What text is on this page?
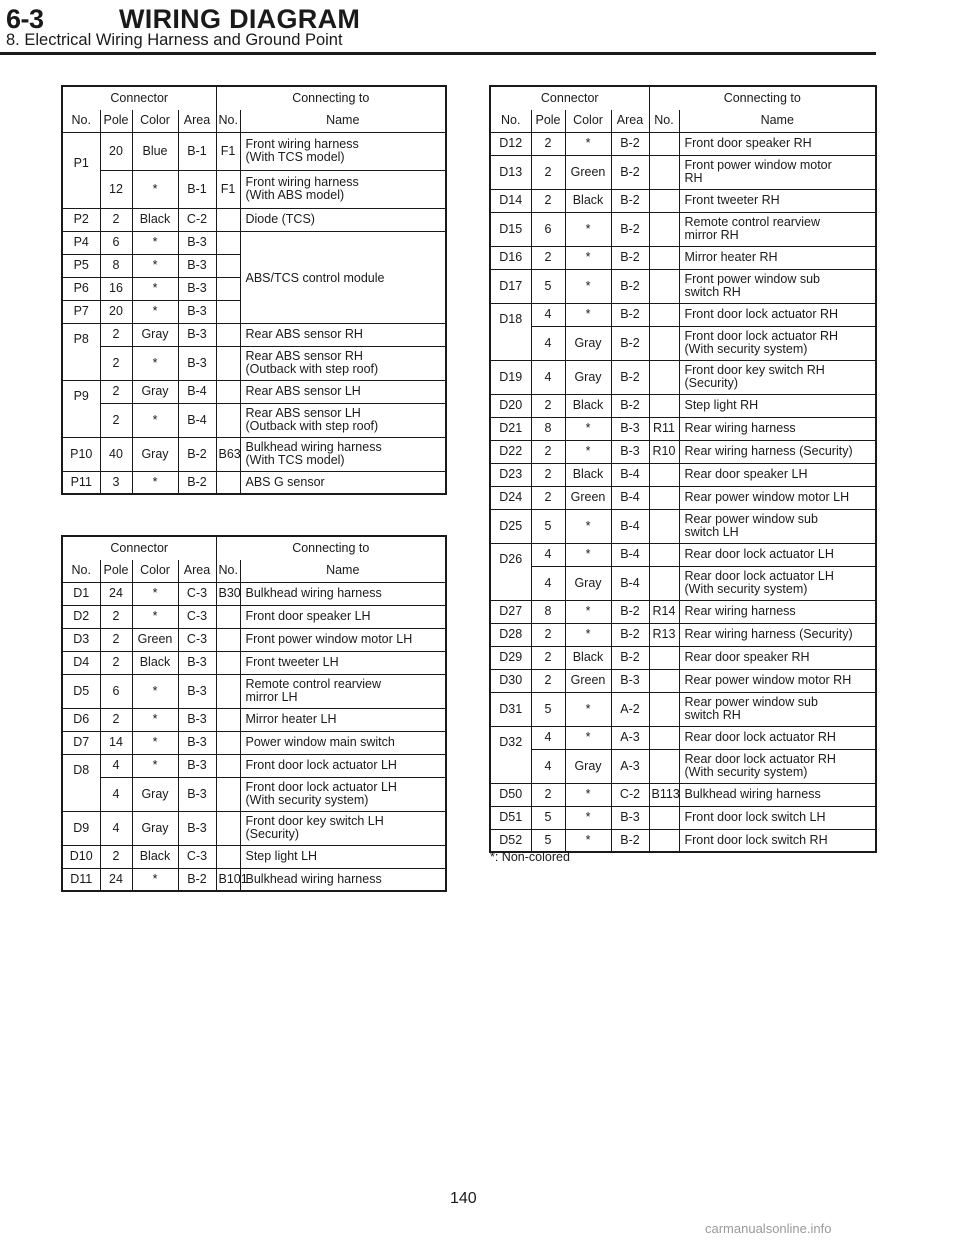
6-3	WIRING DIAGRAM
8. Electrical Wiring Harness and Ground Point
Connector				Connecting to	
No.	Pole	Color	Area	No.	Name
P1	20	Blue	B-1	F1	Front wiring harness
(With TCS model)

	12	*	B-1	F1	Front wiring harness
(With ABS model)

P2	2	Black	C-2		Diode (TCS)

P4	6	*	B-3		ABS/TCS control module

P5	8	*	B-3		

P6	16	*	B-3		

P7	20	*	B-3		

P8	2	Gray	B-3		Rear ABS sensor RH

	2	*	B-3		Rear ABS sensor RH
(Outback with step roof)

P9	2	Gray	B-4		Rear ABS sensor LH

	2	*	B-4		Rear ABS sensor LH
(Outback with step roof)

P10	40	Gray	B-2	B63	Bulkhead wiring harness
(With TCS model)

P11	3	*	B-2		ABS G sensor
Connector				Connecting to	
No.	Pole	Color	Area	No.	Name
D1	24	*	C-3	B30	Bulkhead wiring harness

D2	2	*	C-3		Front door speaker LH

D3	2	Green	C-3		Front power window motor LH

D4	2	Black	B-3		Front tweeter LH

D5	6	*	B-3		Remote control rearview
mirror LH

D6	2	*	B-3		Mirror heater LH

D7	14	*	B-3		Power window main switch

D8	4	*	B-3		Front door lock actuator LH

	4	Gray	B-3		Front door lock actuator LH
(With security system)

D9	4	Gray	B-3		Front door key switch LH
(Security)

D10	2	Black	C-3		Step light LH

D11	24	*	B-2	B101	Bulkhead wiring harness
Connector				Connecting to	
No.	Pole	Color	Area	No.	Name
D12	2	*	B-2		Front door speaker RH

D13	2	Green	B-2		Front power window motor
RH

D14	2	Black	B-2		Front tweeter RH

D15	6	*	B-2		Remote control rearview
mirror RH

D16	2	*	B-2		Mirror heater RH

D17	5	*	B-2		Front power window sub
switch RH

D18	4	*	B-2		Front door lock actuator RH

	4	Gray	B-2		Front door lock actuator RH
(With security system)

D19	4	Gray	B-2		Front door key switch RH
(Security)

D20	2	Black	B-2		Step light RH

D21	8	*	B-3	R11	Rear wiring harness

D22	2	*	B-3	R10	Rear wiring harness (Security)

D23	2	Black	B-4		Rear door speaker LH

D24	2	Green	B-4		Rear power window motor LH

D25	5	*	B-4		Rear power window sub
switch LH

D26	4	*	B-4		Rear door lock actuator LH

	4	Gray	B-4		Rear door lock actuator LH
(With security system)

D27	8	*	B-2	R14	Rear wiring harness

D28	2	*	B-2	R13	Rear wiring harness (Security)

D29	2	Black	B-2		Rear door speaker RH

D30	2	Green	B-3		Rear power window motor RH

D31	5	*	A-2		Rear power window sub
switch RH

D32	4	*	A-3		Rear door lock actuator RH

	4	Gray	A-3		Rear door lock actuator RH
(With security system)

D50	2	*	C-2	B113	Bulkhead wiring harness

D51	5	*	B-3		Front door lock switch LH

D52	5	*	B-2		Front door lock switch RH
*: Non-colored
140
carmanualsonline.info
